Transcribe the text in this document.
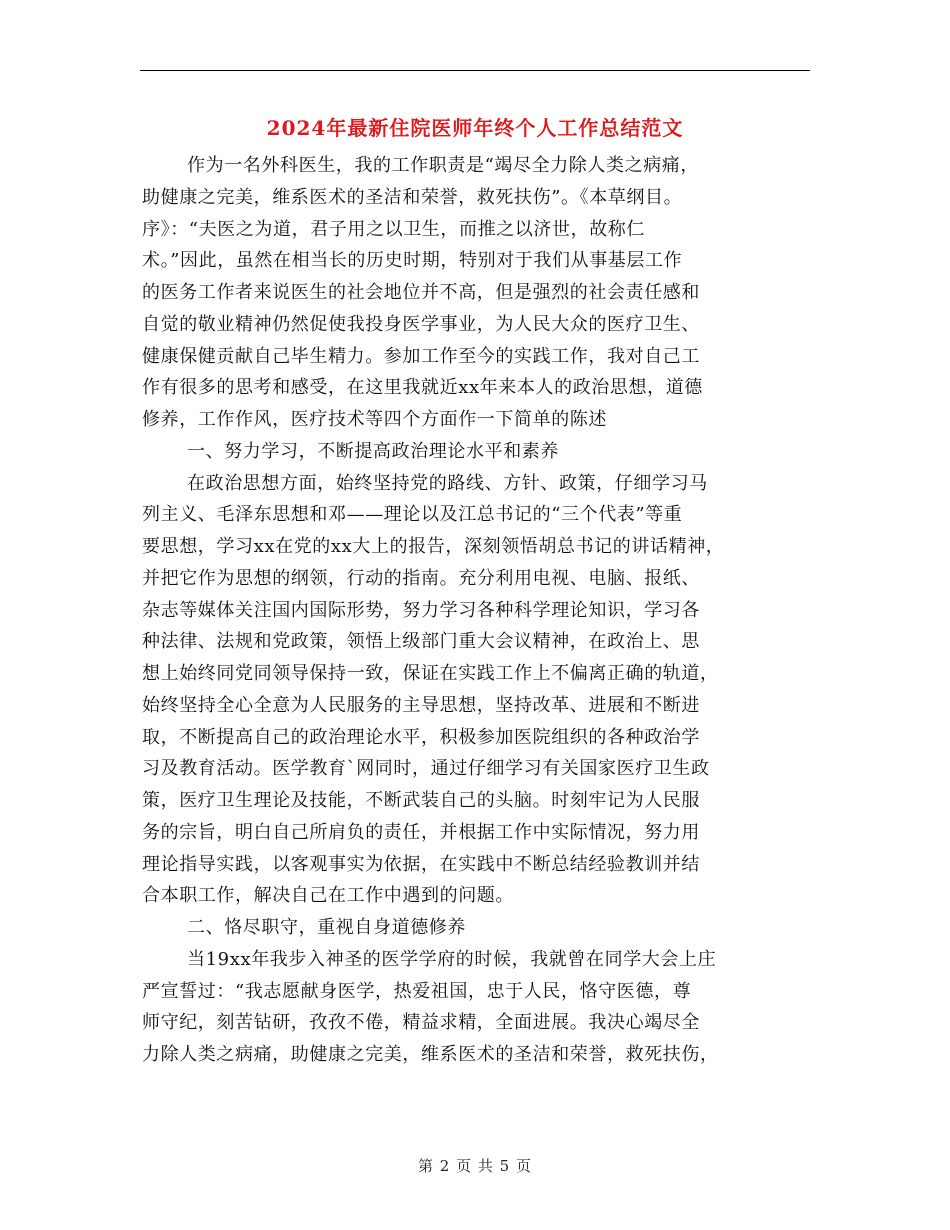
2024年最新住院医师年终个人工作总结范文
作为一名外科医生，我的工作职责是“竭尽全力除人类之病痛，
助健康之完美，维系医术的圣洁和荣誉，救死扶伤”。《本草纲目。
序》：“夫医之为道，君子用之以卫生，而推之以济世，故称仁
术。”因此，虽然在相当长的历史时期，特别对于我们从事基层工作
的医务工作者来说医生的社会地位并不高，但是强烈的社会责任感和
自觉的敬业精神仍然促使我投身医学事业，为人民大众的医疗卫生、
健康保健贡献自己毕生精力。参加工作至今的实践工作，我对自己工
作有很多的思考和感受，在这里我就近xx年来本人的政治思想，道德
修养，工作作风，医疗技术等四个方面作一下简单的陈述
一、努力学习，不断提高政治理论水平和素养
在政治思想方面，始终坚持党的路线、方针、政策，仔细学习马
列主义、毛泽东思想和邓——理论以及江总书记的“三个代表”等重
要思想，学习xx在党的xx大上的报告，深刻领悟胡总书记的讲话精神，
并把它作为思想的纲领，行动的指南。充分利用电视、电脑、报纸、
杂志等媒体关注国内国际形势，努力学习各种科学理论知识，学习各
种法律、法规和党政策，领悟上级部门重大会议精神，在政治上、思
想上始终同党同领导保持一致，保证在实践工作上不偏离正确的轨道，
始终坚持全心全意为人民服务的主导思想，坚持改革、进展和不断进
取，不断提高自己的政治理论水平，积极参加医院组织的各种政治学
习及教育活动。医学教育`网同时，通过仔细学习有关国家医疗卫生政
策，医疗卫生理论及技能，不断武装自己的头脑。时刻牢记为人民服
务的宗旨，明白自己所肩负的责任，并根据工作中实际情况，努力用
理论指导实践，以客观事实为依据，在实践中不断总结经验教训并结
合本职工作，解决自己在工作中遇到的问题。
二、恪尽职守，重视自身道德修养
当19xx年我步入神圣的医学学府的时候，我就曾在同学大会上庄
严宣誓过：“我志愿献身医学，热爱祖国，忠于人民，恪守医德，尊
师守纪，刻苦钻研，孜孜不倦，精益求精，全面进展。我决心竭尽全
力除人类之病痛，助健康之完美，维系医术的圣洁和荣誉，救死扶伤，
第 2 页 共 5 页
